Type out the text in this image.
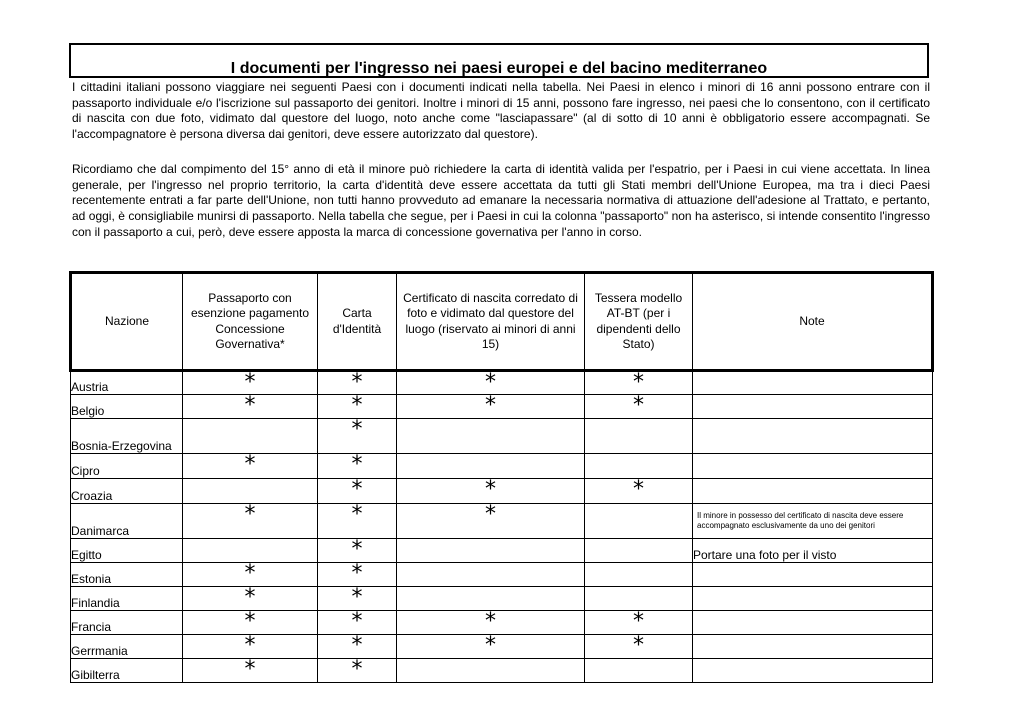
I documenti per l'ingresso nei paesi europei e del bacino mediterraneo

I cittadini italiani possono viaggiare nei seguenti Paesi con i documenti indicati nella tabella. Nei Paesi in elenco i minori di 16 anni possono entrare con il passaporto individuale e/o l'iscrizione sul passaporto dei genitori. Inoltre i minori di 15 anni, possono fare ingresso, nei paesi che lo consentono, con il certificato di nascita con due foto, vidimato dal questore del luogo, noto anche come "lasciapassare" (al di sotto di 10 anni è obbligatorio essere accompagnati. Se l'accompagnatore è persona diversa dai genitori, deve essere autorizzato dal questore).

Ricordiamo che dal compimento del 15° anno di età il minore può richiedere la carta di identità valida per l'espatrio, per i Paesi in cui viene accettata. In linea generale, per l'ingresso nel proprio territorio, la carta d'identità deve essere accettata da tutti gli Stati membri dell'Unione Europea, ma tra i dieci Paesi recentemente entrati a far parte dell'Unione, non tutti hanno provveduto ad emanare la necessaria normativa di attuazione dell'adesione al Trattato, e pertanto, ad oggi, è consigliabile munirsi di passaporto. Nella tabella che segue, per i Paesi in cui la colonna "passaporto" non ha asterisco, si intende consentito l'ingresso con il passaporto a cui, però, deve essere apposta la marca di concessione governativa per l'anno in corso.

Nazione	Passaporto con esenzione pagamento Concessione Governativa*	Carta d'Identità	Certificato di nascita corredato di foto e vidimato dal questore del luogo (riservato ai minori di anni 15)	Tessera modello AT-BT (per i dipendenti dello Stato)	Note
Austria	*	*	*	*	
Belgio	*	*	*	*	
Bosnia-Erzegovina		*			
Cipro	*	*			
Croazia		*	*	*	
Danimarca	*	*	*		Il minore in possesso del certificato di nascita deve essere accompagnato esclusivamente da uno dei genitori
Egitto		*			Portare una foto per il visto
Estonia	*	*			
Finlandia	*	*			
Francia	*	*	*	*	
Gerrmania	*	*	*	*	
Gibilterra	*	*			
